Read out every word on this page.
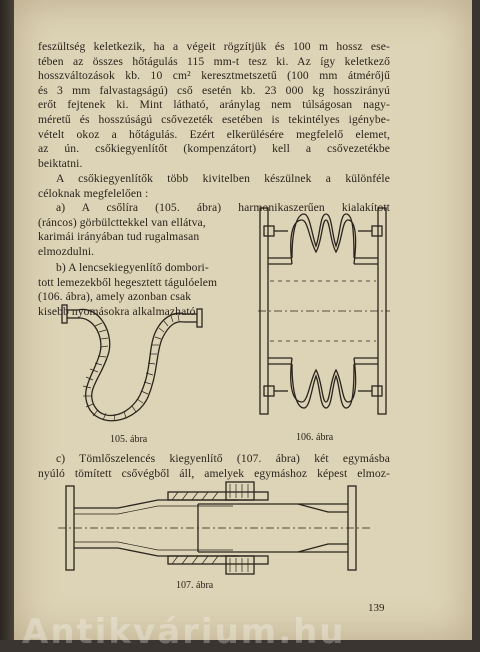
feszültség keletkezik, ha a végeit rögzítjük és 100 m hossz ese-

tében az összes hőtágulás 115 mm-t tesz ki. Az így keletkező

hosszváltozások kb. 10 cm² keresztmetszetű (100 mm átmérőjű

és 3 mm falvastagságú) cső esetén kb. 23 000 kg hosszirányú

erőt fejtenek ki. Mint látható, aránylag nem túlságosan nagy-

méretű és hosszúságú csővezeték esetében is tekintélyes igénybe-

vételt okoz a hőtágulás. Ezért elkerülésére megfelelő elemet,

az ún. csőkiegyenlítőt (kompenzátort) kell a csővezetékbe

beiktatni.

A csőkiegyenlítők több kivitelben készülnek a különféle

céloknak megfelelően :

a) A csőlíra (105. ábra) harmonikaszerűen kialakított

(ráncos) görbülcttekkel van ellátva,

karimái irányában tud rugalmasan

elmozdulni.

b) A lencsekiegyenlítő dombori-

tott lemezekből hegesztett tágulóelem

(106. ábra), amely azonban csak

kisebb nyomásokra alkalmazható.

105. ábra	106. ábra

c) Tömlőszelencés kiegyenlítő (107. ábra) két egymásba

nyúló tömített csővégből áll, amelyek egymáshoz képest elmoz-

107. ábra
139
Antikvárium.hu
